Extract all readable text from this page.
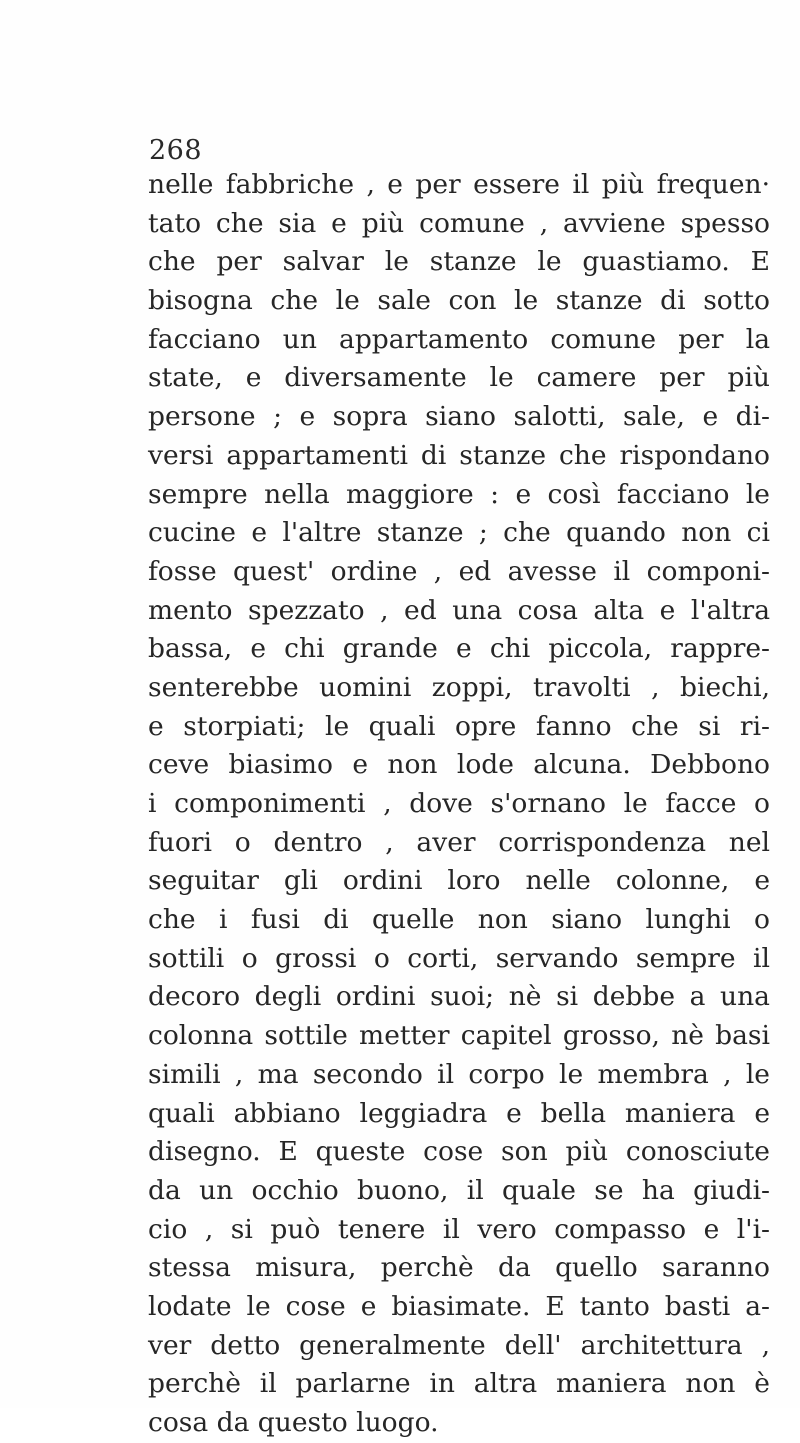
268
nelle fabbriche , e per essere il più frequen·
tato che sia e più comune , avviene spesso
che per salvar le stanze le guastiamo. E
bisogna che le sale con le stanze di sotto
facciano un appartamento comune per la
state, e diversamente le camere per più
persone ; e sopra siano salotti, sale, e di-
versi appartamenti di stanze che rispondano
sempre nella maggiore : e così facciano le
cucine e l'altre stanze ; che quando non ci
fosse quest' ordine , ed avesse il componi-
mento spezzato , ed una cosa alta e l'altra
bassa, e chi grande e chi piccola, rappre-
senterebbe uomini zoppi, travolti , biechi,
e storpiati; le quali opre fanno che si ri-
ceve biasimo e non lode alcuna. Debbono
i componimenti , dove s'ornano le facce o
fuori o dentro , aver corrispondenza nel
seguitar gli ordini loro nelle colonne, e
che i fusi di quelle non siano lunghi o
sottili o grossi o corti, servando sempre il
decoro degli ordini suoi; nè si debbe a una
colonna sottile metter capitel grosso, nè basi
simili , ma secondo il corpo le membra , le
quali abbiano leggiadra e bella maniera e
disegno. E queste cose son più conosciute
da un occhio buono, il quale se ha giudi-
cio , si può tenere il vero compasso e l'i-
stessa misura, perchè da quello saranno
lodate le cose e biasimate. E tanto basti a-
ver detto generalmente dell' architettura ,
perchè il parlarne in altra maniera non è
cosa da questo luogo.
